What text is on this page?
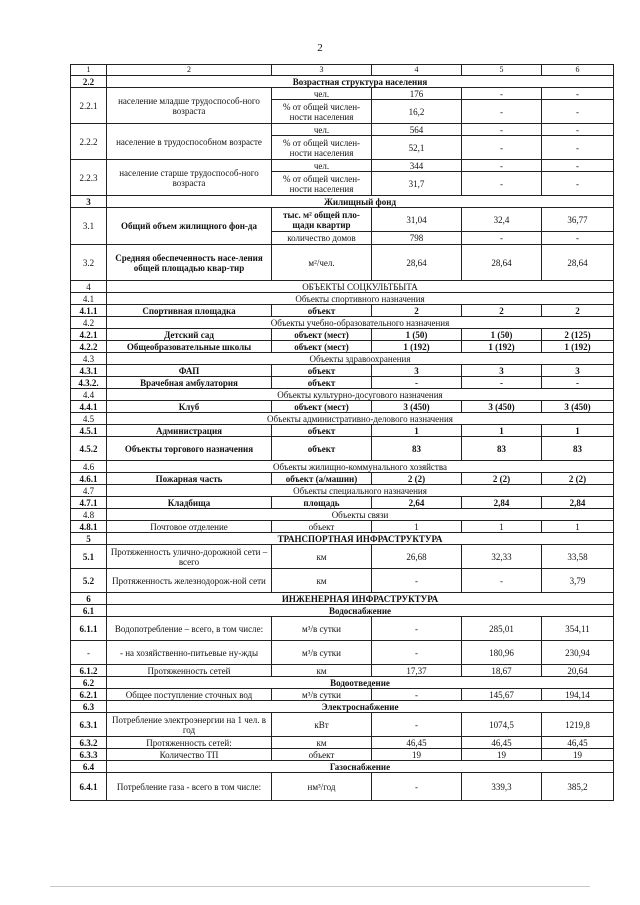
2
1	2	3	4	5	6
2.2	Возрастная структура населения				
2.2.1	население младше трудоспособ-ного возраста	чел.	176	-	-
		% от общей числен-ности населения	16,2	-	-
2.2.2	население в трудоспособном возрасте	чел.	564	-	-
		% от общей числен-ности населения	52,1	-	-
2.2.3	население старше трудоспособ-ного возраста	чел.	344	-	-
		% от общей числен-ности населения	31,7	-	-
3	Жилищный фонд				
3.1	Общий объем жилищного фон-да	тыс. м² общей пло-щади квартир	31,04	32,4	36,77
		количество домов	798	-	-
3.2	Средняя обеспеченность насе-ления общей площадью квар-тир	м²/чел.	28,64	28,64	28,64
4	ОБЪЕКТЫ СОЦКУЛЬТБЫТА				
4.1	Объекты спортивного назначения				
4.1.1	Спортивная площадка	объект	2	2	2
4.2	Объекты учебно-образовательного назначения				
4.2.1	Детский сад	объект (мест)	1 (50)	1 (50)	2 (125)
4.2.2	Общеобразовательные школы	объект (мест)	1 (192)	1 (192)	1 (192)
4.3	Объекты здравоохранения				
4.3.1	ФАП	объект	3	3	3
4.3.2.	Врачебная амбулатория	объект	-	-	-
4.4	Объекты культурно-досугового назначения				
4.4.1	Клуб	объект (мест)	3 (450)	3 (450)	3 (450)
4.5	Объекты административно-делового назначения				
4.5.1	Администрация	объект	1	1	1
4.5.2	Объекты торгового назначения	объект	83	83	83
4.6	Объекты жилищно-коммунального хозяйства				
4.6.1	Пожарная часть	объект (а/машин)	2 (2)	2 (2)	2 (2)
4.7	Объекты специального назначения				
4.7.1	Кладбища	площадь	2,64	2,84	2,84
4.8	Объекты связи				
4.8.1	Почтовое отделение	объект	1	1	1
5	ТРАНСПОРТНАЯ ИНФРАСТРУКТУРА				
5.1	Протяженность улично-дорожной сети – всего	км	26,68	32,33	33,58
5.2	Протяженность железнодорож-ной сети	км	-	-	3,79
6	ИНЖЕНЕРНАЯ ИНФРАСТРУКТУРА				
6.1	Водоснабжение				
6.1.1	Водопотребление – всего, в том числе:	м³/в сутки	-	285,01	354,11
-	- на хозяйственно-питьевые ну-жды	м³/в сутки	-	180,96	230,94
6.1.2	Протяженность сетей	км	17,37	18,67	20,64
6.2	Водоотведение				
6.2.1	Общее поступление сточных вод	м³/в сутки	-	145,67	194,14
6.3	Электроснабжение				
6.3.1	Потребление электроэнергии на 1 чел. в год	кВт	-	1074,5	1219,8
6.3.2	Протяженность сетей:	км	46,45	46,45	46,45
6.3.3	Количество ТП	объект	19	19	19
6.4	Газоснабжение				
6.4.1	Потребление газа - всего в том числе:	нм³/год	-	339,3	385,2
